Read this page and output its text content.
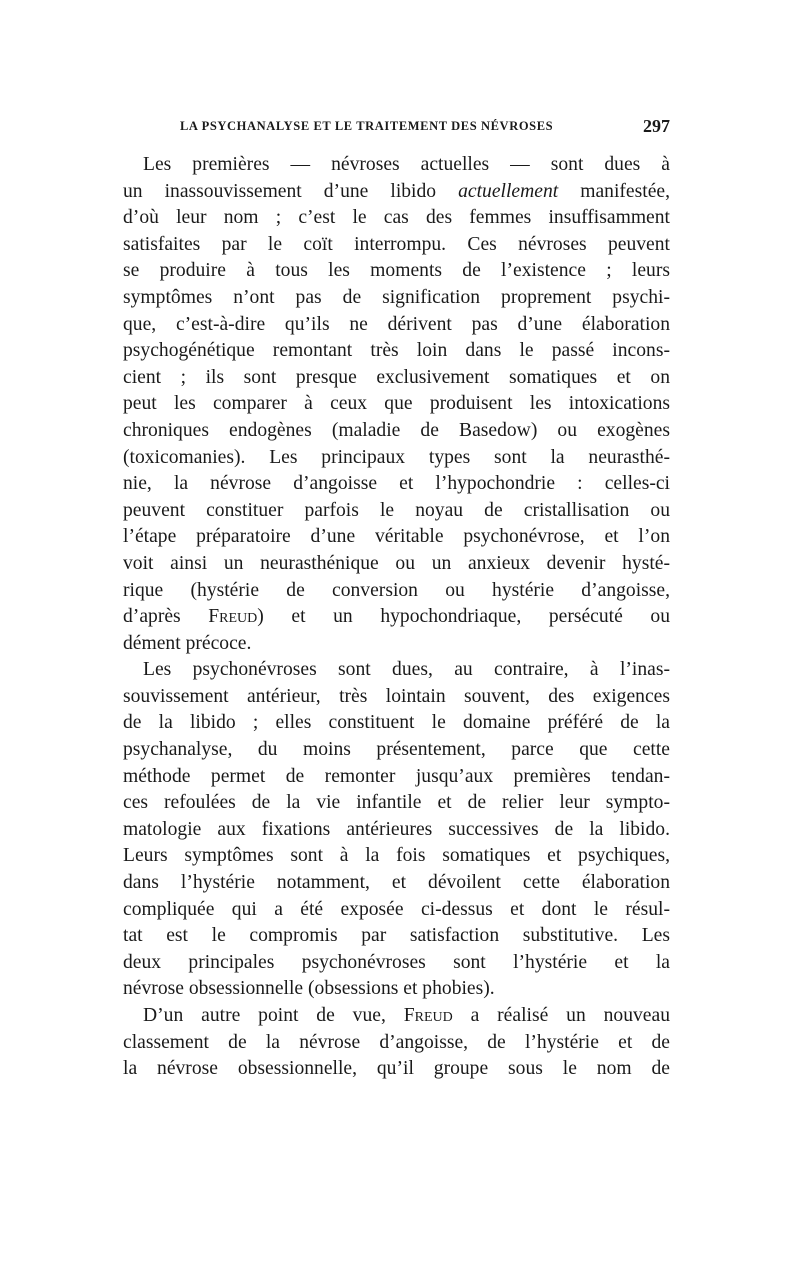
LA PSYCHANALYSE ET LE TRAITEMENT DES NÉVROSES	297
Les premières — névroses actuelles — sont dues à
un inassouvissement d’une libido actuellement manifestée,
d’où leur nom ; c’est le cas des femmes insuffisamment
satisfaites par le coït interrompu. Ces névroses peuvent
se produire à tous les moments de l’existence ; leurs
symptômes n’ont pas de signification proprement psychi-
que, c’est-à-dire qu’ils ne dérivent pas d’une élaboration
psychogénétique remontant très loin dans le passé incons-
cient ; ils sont presque exclusivement somatiques et on
peut les comparer à ceux que produisent les intoxications
chroniques endogènes (maladie de Basedow) ou exogènes
(toxicomanies). Les principaux types sont la neurasthé-
nie, la névrose d’angoisse et l’hypochondrie : celles-ci
peuvent constituer parfois le noyau de cristallisation ou
l’étape préparatoire d’une véritable psychonévrose, et l’on
voit ainsi un neurasthénique ou un anxieux devenir hysté-
rique (hystérie de conversion ou hystérie d’angoisse,
d’après Freud) et un hypochondriaque, persécuté ou
dément précoce.
Les psychonévroses sont dues, au contraire, à l’inas-
souvissement antérieur, très lointain souvent, des exigences
de la libido ; elles constituent le domaine préféré de la
psychanalyse, du moins présentement, parce que cette
méthode permet de remonter jusqu’aux premières tendan-
ces refoulées de la vie infantile et de relier leur sympto-
matologie aux fixations antérieures successives de la libido.
Leurs symptômes sont à la fois somatiques et psychiques,
dans l’hystérie notamment, et dévoilent cette élaboration
compliquée qui a été exposée ci-dessus et dont le résul-
tat est le compromis par satisfaction substitutive. Les
deux principales psychonévroses sont l’hystérie et la
névrose obsessionnelle (obsessions et phobies).
D’un autre point de vue, Freud a réalisé un nouveau
classement de la névrose d’angoisse, de l’hystérie et de
la névrose obsessionnelle, qu’il groupe sous le nom de
